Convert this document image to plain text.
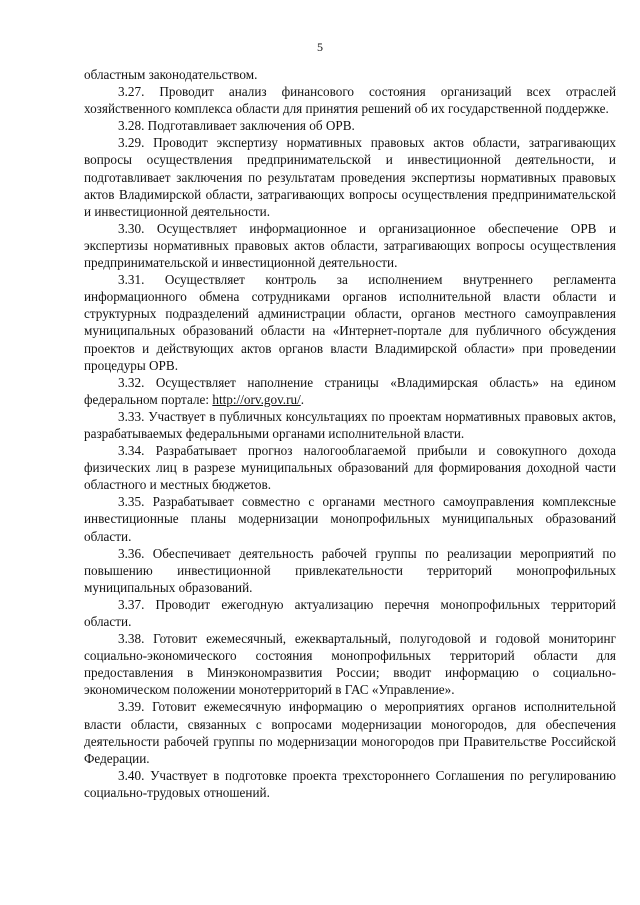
5

областным законодательством.

3.27. Проводит анализ финансового состояния организаций всех отраслей хозяйственного комплекса области для принятия решений об их государственной поддержке.

3.28. Подготавливает заключения об ОРВ.

3.29. Проводит экспертизу нормативных правовых актов области, затрагивающих вопросы осуществления предпринимательской и инвестиционной деятельности, и подготавливает заключения по результатам проведения экспертизы нормативных правовых актов Владимирской области, затрагивающих вопросы осуществления предпринимательской и инвестиционной деятельности.

3.30. Осуществляет информационное и организационное обеспечение ОРВ и экспертизы нормативных правовых актов области, затрагивающих вопросы осуществления предпринимательской и инвестиционной деятельности.

3.31. Осуществляет контроль за исполнением внутреннего регламента информационного обмена сотрудниками органов исполнительной власти области и структурных подразделений администрации области, органов местного самоуправления муниципальных образований области на «Интернет-портале для публичного обсуждения проектов и действующих актов органов власти Владимирской области» при проведении процедуры ОРВ.

3.32. Осуществляет наполнение страницы «Владимирская область» на едином федеральном портале: http://orv.gov.ru/.

3.33. Участвует в публичных консультациях по проектам нормативных правовых актов, разрабатываемых федеральными органами исполнительной власти.

3.34. Разрабатывает прогноз налогооблагаемой прибыли и совокупного дохода физических лиц в разрезе муниципальных образований для формирования доходной части областного и местных бюджетов.

3.35. Разрабатывает совместно с органами местного самоуправления комплексные инвестиционные планы модернизации монопрофильных муниципальных образований области.

3.36. Обеспечивает деятельность рабочей группы по реализации мероприятий по повышению инвестиционной привлекательности территорий монопрофильных муниципальных образований.

3.37. Проводит ежегодную актуализацию перечня монопрофильных территорий области.

3.38. Готовит ежемесячный, ежеквартальный, полугодовой и годовой мониторинг социально-экономического состояния монопрофильных территорий области для предоставления в Минэкономразвития России; вводит информацию о социально-экономическом положении монотерриторий в ГАС «Управление».

3.39. Готовит ежемесячную информацию о мероприятиях органов исполнительной власти области, связанных с вопросами модернизации моногородов, для обеспечения деятельности рабочей группы по модернизации моногородов при Правительстве Российской Федерации.

3.40. Участвует в подготовке проекта трехстороннего Соглашения по регулированию социально-трудовых отношений.
